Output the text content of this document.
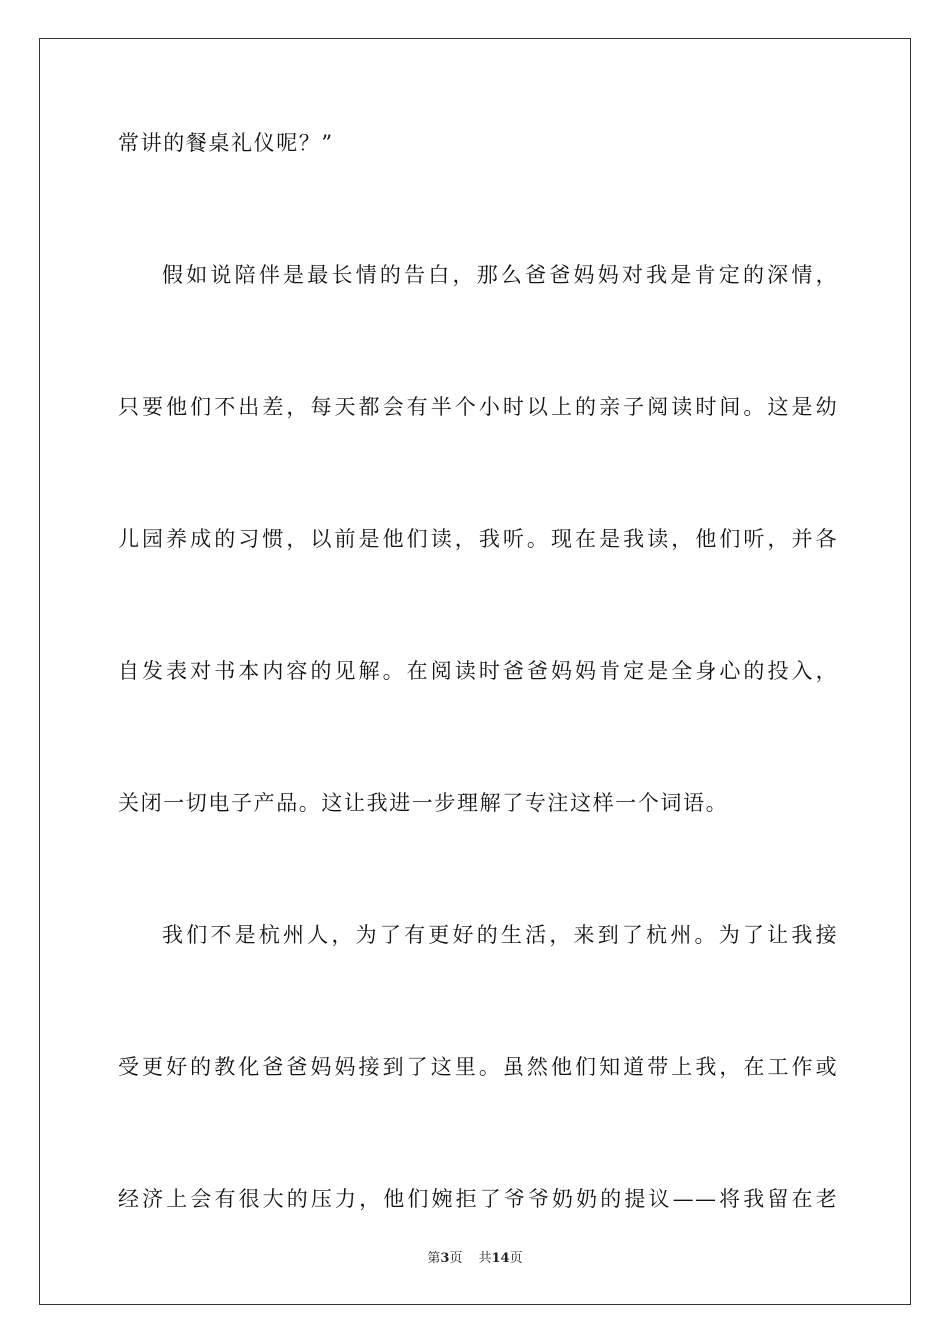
常讲的餐桌礼仪呢？”
假如说陪伴是最长情的告白，那么爸爸妈妈对我是肯定的深情，
只要他们不出差，每天都会有半个小时以上的亲子阅读时间。这是幼
儿园养成的习惯，以前是他们读，我听。现在是我读，他们听，并各
自发表对书本内容的见解。在阅读时爸爸妈妈肯定是全身心的投入，
关闭一切电子产品。这让我进一步理解了专注这样一个词语。
我们不是杭州人，为了有更好的生活，来到了杭州。为了让我接
受更好的教化爸爸妈妈接到了这里。虽然他们知道带上我，在工作或
经济上会有很大的压力，他们婉拒了爷爷奶奶的提议——将我留在老
第3页 共14页
